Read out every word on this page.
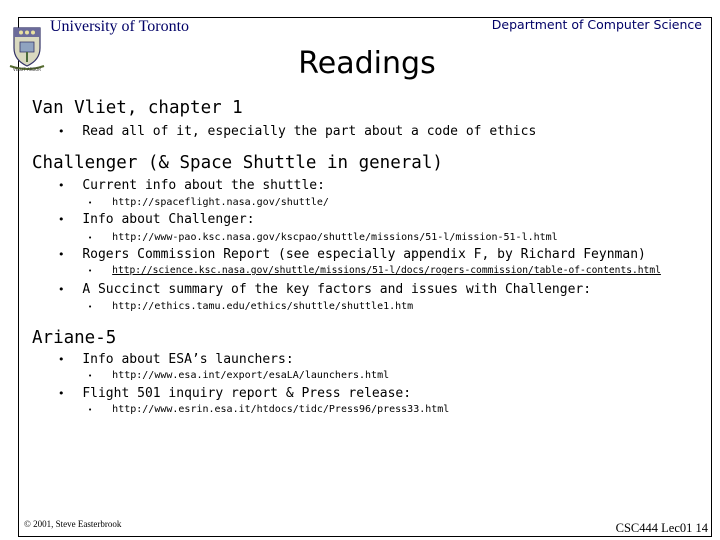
VELUT ARBOR
University of Toronto	Department of Computer Science
Readings
Van Vliet, chapter 1
• Read all of it, especially the part about a code of ethics
Challenger (& Space Shuttle in general)
• Current info about the shuttle:
• http://spaceflight.nasa.gov/shuttle/
• Info about Challenger:
• http://www-pao.ksc.nasa.gov/kscpao/shuttle/missions/51-l/mission-51-l.html
• Rogers Commission Report (see especially appendix F, by Richard Feynman)
• http://science.ksc.nasa.gov/shuttle/missions/51-l/docs/rogers-commission/table-of-contents.html
• A Succinct summary of the key factors and issues with Challenger:
• http://ethics.tamu.edu/ethics/shuttle/shuttle1.htm
Ariane-5
• Info about ESA’s launchers:
• http://www.esa.int/export/esaLA/launchers.html
• Flight 501 inquiry report & Press release:
• http://www.esrin.esa.it/htdocs/tidc/Press96/press33.html
© 2001, Steve Easterbrook	CSC444 Lec01 14
